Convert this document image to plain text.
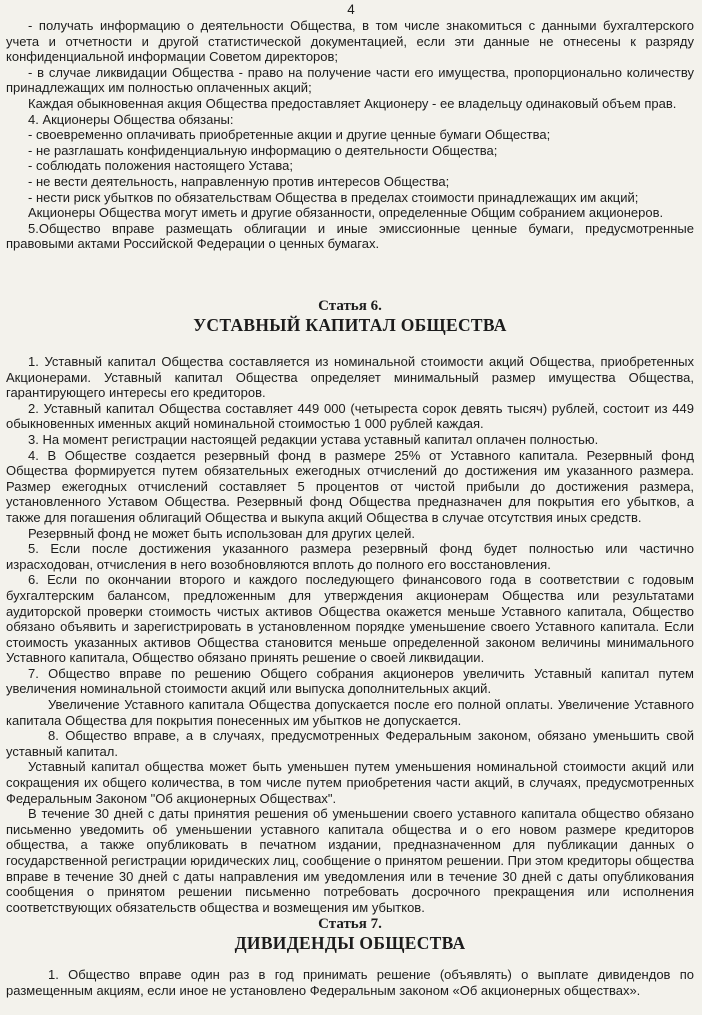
4

- получать информацию о деятельности Общества, в том числе знакомиться с данными бухгалтерского учета и отчетности и другой статистической документацией, если эти данные не отнесены к разряду конфиденциальной информации Советом директоров;

- в случае ликвидации Общества - право на получение части его имущества, пропорционально количеству принадлежащих им полностью оплаченных акций;

Каждая обыкновенная акция Общества предоставляет Акционеру - ее владельцу одинаковый объем прав.

4. Акционеры Общества обязаны:

- своевременно оплачивать приобретенные акции и другие ценные бумаги Общества;

- не разглашать конфиденциальную информацию о деятельности Общества;

- соблюдать положения настоящего Устава;

- не вести деятельность, направленную против интересов Общества;

- нести риск убытков по обязательствам Общества в пределах стоимости принадлежащих им акций;

Акционеры Общества могут иметь и другие обязанности, определенные Общим собранием акционеров.

5.Общество вправе размещать облигации и иные эмиссионные ценные бумаги, предусмотренные правовыми актами Российской Федерации о ценных бумагах.

Статья 6.

УСТАВНЫЙ КАПИТАЛ ОБЩЕСТВА

1. Уставный капитал Общества составляется из номинальной стоимости акций Общества, приобретенных Акционерами. Уставный капитал Общества определяет минимальный размер имущества Общества, гарантирующего интересы его кредиторов.

2. Уставный капитал Общества составляет 449 000 (четыреста сорок девять тысяч) рублей, состоит из 449 обыкновенных именных акций номинальной стоимостью 1 000 рублей каждая.

3. На момент регистрации настоящей редакции устава уставный капитал оплачен полностью.

4. В Обществе создается резервный фонд в размере 25% от Уставного капитала. Резервный фонд Общества формируется путем обязательных ежегодных отчислений до достижения им указанного размера. Размер ежегодных отчислений составляет 5 процентов от чистой прибыли до достижения размера, установленного Уставом Общества. Резервный фонд Общества предназначен для покрытия его убытков, а также для погашения облигаций Общества и выкупа акций Общества в случае отсутствия иных средств.

Резервный фонд не может быть использован для других целей.

5. Если после достижения указанного размера резервный фонд будет полностью или частично израсходован, отчисления в него возобновляются вплоть до полного его восстановления.

6. Если по окончании второго и каждого последующего финансового года в соответствии с годовым бухгалтерским балансом, предложенным для утверждения акционерам Общества или результатами аудиторской проверки стоимость чистых активов Общества окажется меньше Уставного капитала, Общество обязано объявить и зарегистрировать в установленном порядке уменьшение своего Уставного капитала. Если стоимость указанных активов Общества становится меньше определенной законом величины минимального Уставного капитала, Общество обязано принять решение о своей ликвидации.

7. Общество вправе по решению Общего собрания акционеров увеличить Уставный капитал путем увеличения номинальной стоимости акций или выпуска дополнительных акций.

Увеличение Уставного капитала Общества допускается после его полной оплаты. Увеличение Уставного капитала Общества для покрытия понесенных им убытков не допускается.

8. Общество вправе, а в случаях, предусмотренных Федеральным законом, обязано уменьшить свой уставный капитал.

Уставный капитал общества может быть уменьшен путем уменьшения номинальной стоимости акций или сокращения их общего количества, в том числе путем приобретения части акций, в случаях, предусмотренных Федеральным Законом "Об акционерных Обществах".

В течение 30 дней с даты принятия решения об уменьшении своего уставного капитала общество обязано письменно уведомить об уменьшении уставного капитала общества и о его новом размере кредиторов общества, а также опубликовать в печатном издании, предназначенном для публикации данных о государственной регистрации юридических лиц, сообщение о принятом решении. При этом кредиторы общества вправе в течение 30 дней с даты направления им уведомления или в течение 30 дней с даты опубликования сообщения о принятом решении письменно потребовать досрочного прекращения или исполнения соответствующих обязательств общества и возмещения им убытков.

Статья 7.

ДИВИДЕНДЫ ОБЩЕСТВА

1. Общество вправе один раз в год принимать решение (объявлять) о выплате дивидендов по размещенным акциям, если иное не установлено Федеральным законом «Об акционерных обществах».
